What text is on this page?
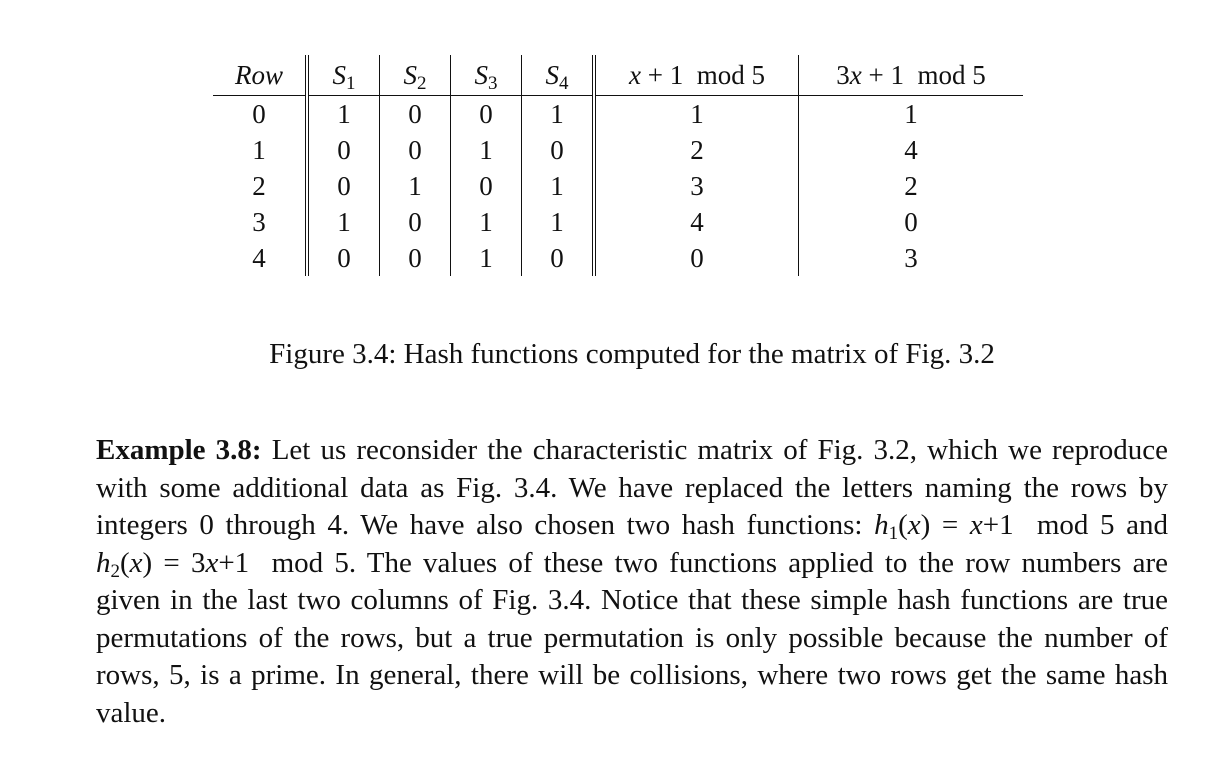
Row	$S_1$	$S_2$	$S_3$	$S_4$	x + 1  mod 5	3x + 1  mod 5
0	1	0	0	1	1	1
1	0	0	1	0	2	4
2	0	1	0	1	3	2
3	1	0	1	1	4	0
4	0	0	1	0	0	3
Figure 3.4: Hash functions computed for the matrix of Fig. 3.2

Example 3.8: Let us reconsider the characteristic matrix of Fig. 3.2, which we reproduce with some additional data as Fig. 3.4. We have replaced the letters naming the rows by integers 0 through 4. We have also chosen two hash functions: $h_1(x) = x+1$  mod 5 and $h_2(x) = 3x+1$  mod 5. The values of these two functions applied to the row numbers are given in the last two columns of Fig. 3.4. Notice that these simple hash functions are true permutations of the rows, but a true permutation is only possible because the number of rows, 5, is a prime. In general, there will be collisions, where two rows get the same hash value.
